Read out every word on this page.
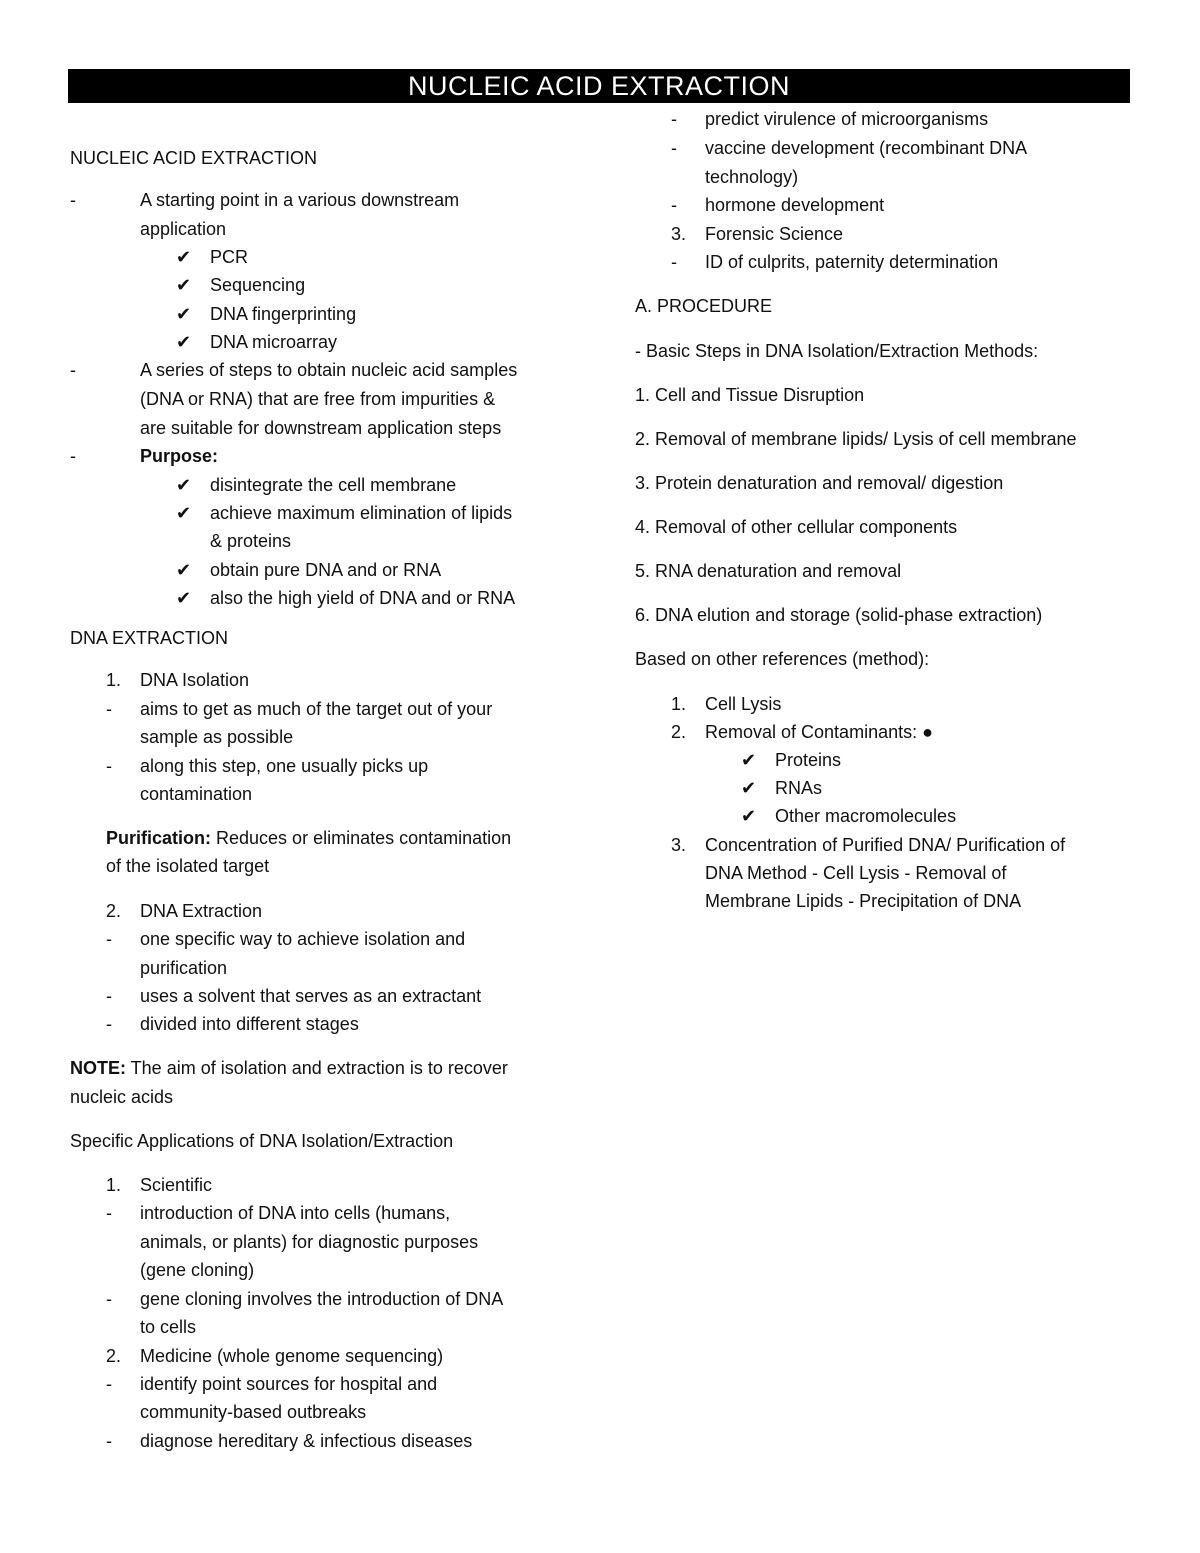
NUCLEIC ACID EXTRACTION
NUCLEIC ACID EXTRACTION
-	A starting point in a various downstream
application
✔ PCR
✔ Sequencing
✔ DNA fingerprinting
✔ DNA microarray
-	A series of steps to obtain nucleic acid samples
(DNA or RNA) that are free from impurities &
are suitable for downstream application steps
-	Purpose:
✔ disintegrate the cell membrane
✔ achieve maximum elimination of lipids
& proteins
✔ obtain pure DNA and or RNA
✔ also the high yield of DNA and or RNA
DNA EXTRACTION
1. DNA Isolation
- aims to get as much of the target out of your
sample as possible
- along this step, one usually picks up
contamination
Purification: Reduces or eliminates contamination
of the isolated target
2. DNA Extraction
- one specific way to achieve isolation and
purification
- uses a solvent that serves as an extractant
- divided into different stages
NOTE: The aim of isolation and extraction is to recover
nucleic acids
Specific Applications of DNA Isolation/Extraction
1. Scientific
- introduction of DNA into cells (humans,
animals, or plants) for diagnostic purposes
(gene cloning)
- gene cloning involves the introduction of DNA
to cells
2. Medicine (whole genome sequencing)
- identify point sources for hospital and
community-based outbreaks
- diagnose hereditary & infectious diseases
- predict virulence of microorganisms
- vaccine development (recombinant DNA
technology)
- hormone development
3. Forensic Science
- ID of culprits, paternity determination
A. PROCEDURE
- Basic Steps in DNA Isolation/Extraction Methods:
1. Cell and Tissue Disruption
2. Removal of membrane lipids/ Lysis of cell membrane
3. Protein denaturation and removal/ digestion
4. Removal of other cellular components
5. RNA denaturation and removal
6. DNA elution and storage (solid-phase extraction)
Based on other references (method):
1. Cell Lysis
2. Removal of Contaminants: ●
✔ Proteins
✔ RNAs
✔ Other macromolecules
3. Concentration of Purified DNA/ Purification of
DNA Method - Cell Lysis - Removal of
Membrane Lipids - Precipitation of DNA
